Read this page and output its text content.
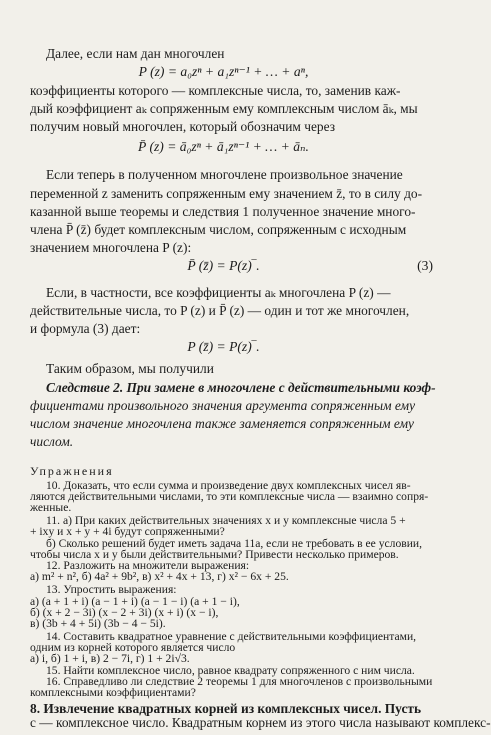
Далее, если нам дан многочлен
P (z) = a₀zⁿ + a₁zⁿ⁻¹ + … + aⁿ,
коэффициенты которого — комплексные числа, то, заменив каж-
дый коэффициент aₖ сопряженным ему комплексным числом āₖ, мы
получим новый многочлен, который обозначим через
P̄ (z) = ā₀zⁿ + ā₁zⁿ⁻¹ + … + āₙ.
Если теперь в полученном многочлене произвольное значение
переменной z заменить сопряженным ему значением z̄, то в силу до-
казанной выше теоремы и следствия 1 полученное значение много-
члена P̄ (z̄) будет комплексным числом, сопряженным с исходным
значением многочлена P (z):
P̄ (z̄) = P(z)‾.	(3)
Если, в частности, все коэффициенты aₖ многочлена P (z) —
действительные числа, то P (z) и P̄ (z) — один и тот же многочлен,
и формула (3) дает:
P (z̄) = P(z)‾.
Таким образом, мы получили
Следствие 2. При замене в многочлене с действительными коэф-
фициентами произвольного значения аргумента сопряженным ему
числом значение многочлена также заменяется сопряженным ему
числом.
Упражнения
10. Доказать, что если сумма и произведение двух комплексных чисел яв-
ляются действительными числами, то эти комплексные числа — взаимно сопря-
женные.
11. а) При каких действительных значениях x и y комплексные числа 5 +
+ ixy и x + y + 4i будут сопряженными?
б) Сколько решений будет иметь задача 11а, если не требовать в ее условии,
чтобы числа x и y были действительными? Привести несколько примеров.
12. Разложить на множители выражения:
а) m² + n², б) 4a² + 9b², в) x² + 4x + 13, г) x² − 6x + 25.
13. Упростить выражения:
а) (a + 1 + i) (a − 1 + i) (a − 1 − i) (a + 1 − i),
б) (x + 2 − 3i) (x − 2 + 3i) (x + i) (x − i),
в) (3b + 4 + 5i) (3b − 4 − 5i).
14. Составить квадратное уравнение с действительными коэффициентами,
одним из корней которого является число
а) i, б) 1 + i, в) 2 − 7i, г) 1 + 2i√3.
15. Найти комплексное число, равное квадрату сопряженного с ним числа.
16. Справедливо ли следствие 2 теоремы 1 для многочленов с произвольными
комплексными коэффициентами?
8. Извлечение квадратных корней из комплексных чисел. Пусть
c — комплексное число. Квадратным корнем из этого числа называют комплекс-
